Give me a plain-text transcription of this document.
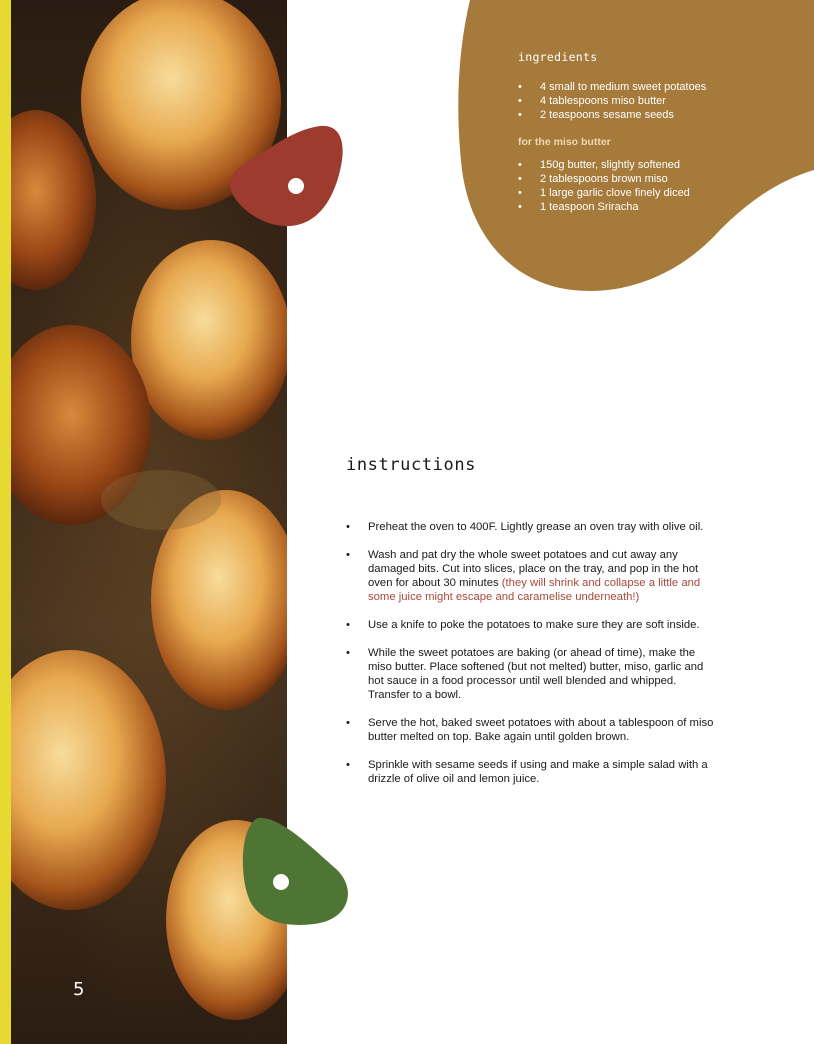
5
ingredients
• 4 small to medium sweet potatoes
• 4 tablespoons miso butter
• 2 teaspoons sesame seeds
for the miso butter
• 150g butter, slightly softened
• 2 tablespoons brown miso
• 1 large garlic clove finely diced
• 1 teaspoon Sriracha
instructions
• Preheat the oven to 400F. Lightly grease an oven tray with olive oil.
• Wash and pat dry the whole sweet potatoes and cut away any damaged bits. Cut into slices, place on the tray, and pop in the hot oven for about 30 minutes (they will shrink and collapse a little and some juice might escape and caramelise underneath!)
• Use a knife to poke the potatoes to make sure they are soft inside.
• While the sweet potatoes are baking (or ahead of time), make the miso butter. Place softened (but not melted) butter, miso, garlic and hot sauce in a food processor until well blended and whipped. Transfer to a bowl.
• Serve the hot, baked sweet potatoes with about a tablespoon of miso butter melted on top. Bake again until golden brown.
• Sprinkle with sesame seeds if using and make a simple salad with a drizzle of olive oil and lemon juice.
